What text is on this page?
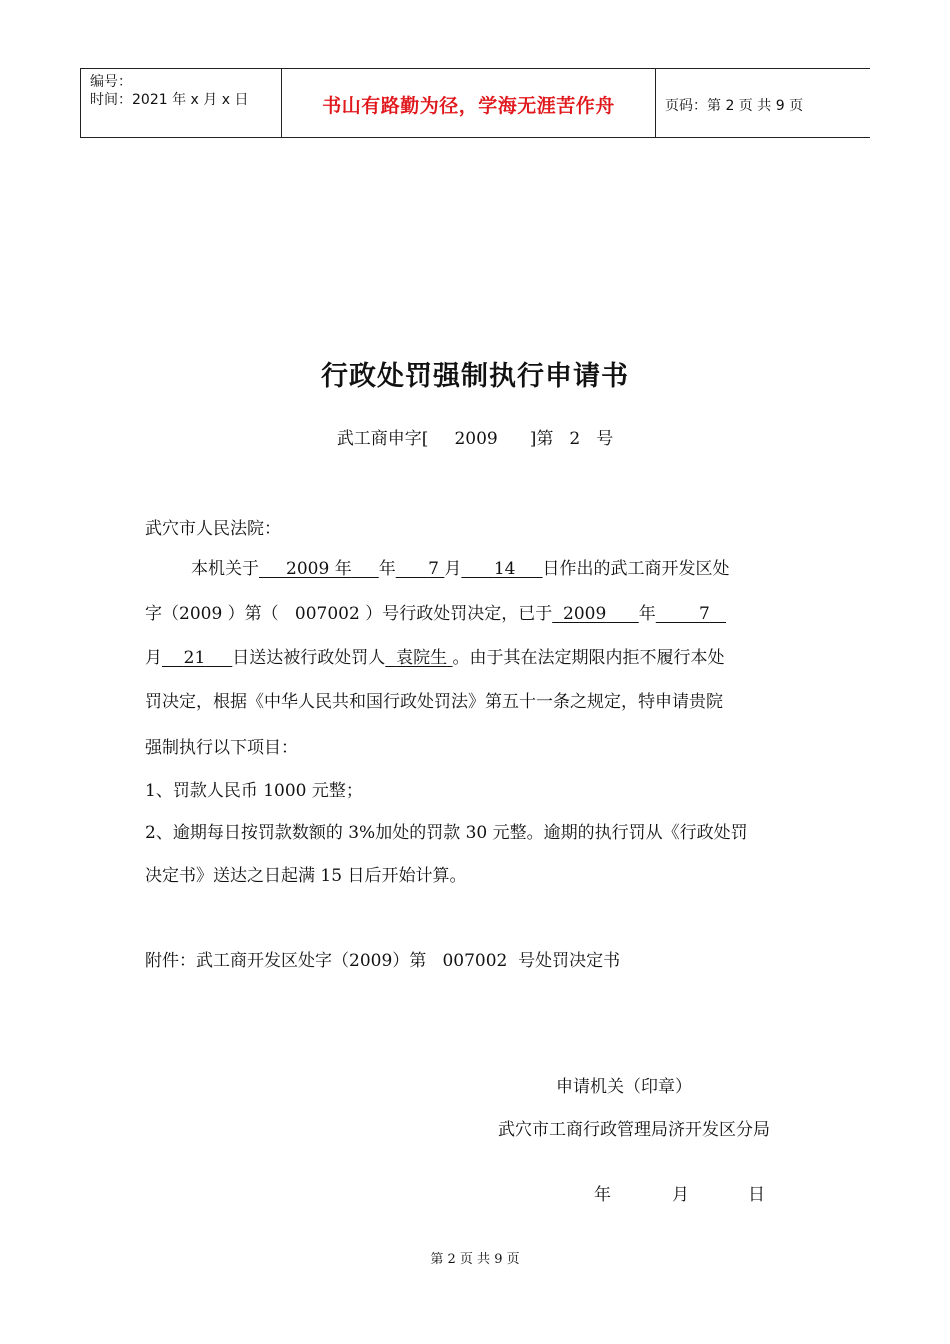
编号：
时间：2021 年 x 月 x 日	书山有路勤为径，学海无涯苦作舟	页码：第 2 页 共 9 页
行政处罚强制执行申请书
武工商申字[ 2009 ]第 2 号
武穴市人民法院：
本机关于 2009 年 年 7 月 14 日作出的武工商开发区处
字（2009 ）第（ 007002 ）号行政处罚决定，已于 2009 年	7
月 21 日送达被行政处罚人 袁院生 。由于其在法定期限内拒不履行本处
罚决定，根据《中华人民共和国行政处罚法》第五十一条之规定，特申请贵院
强制执行以下项目：
1、罚款人民币 1000 元整；
2、逾期每日按罚款数额的 3%加处的罚款 30 元整。逾期的执行罚从《行政处罚
决定书》送达之日起满 15 日后开始计算。
附件：武工商开发区处字（2009）第   007002  号处罚决定书
申请机关（印章）
武穴市工商行政管理局济开发区分局
年	月	日
第 2 页 共 9 页
